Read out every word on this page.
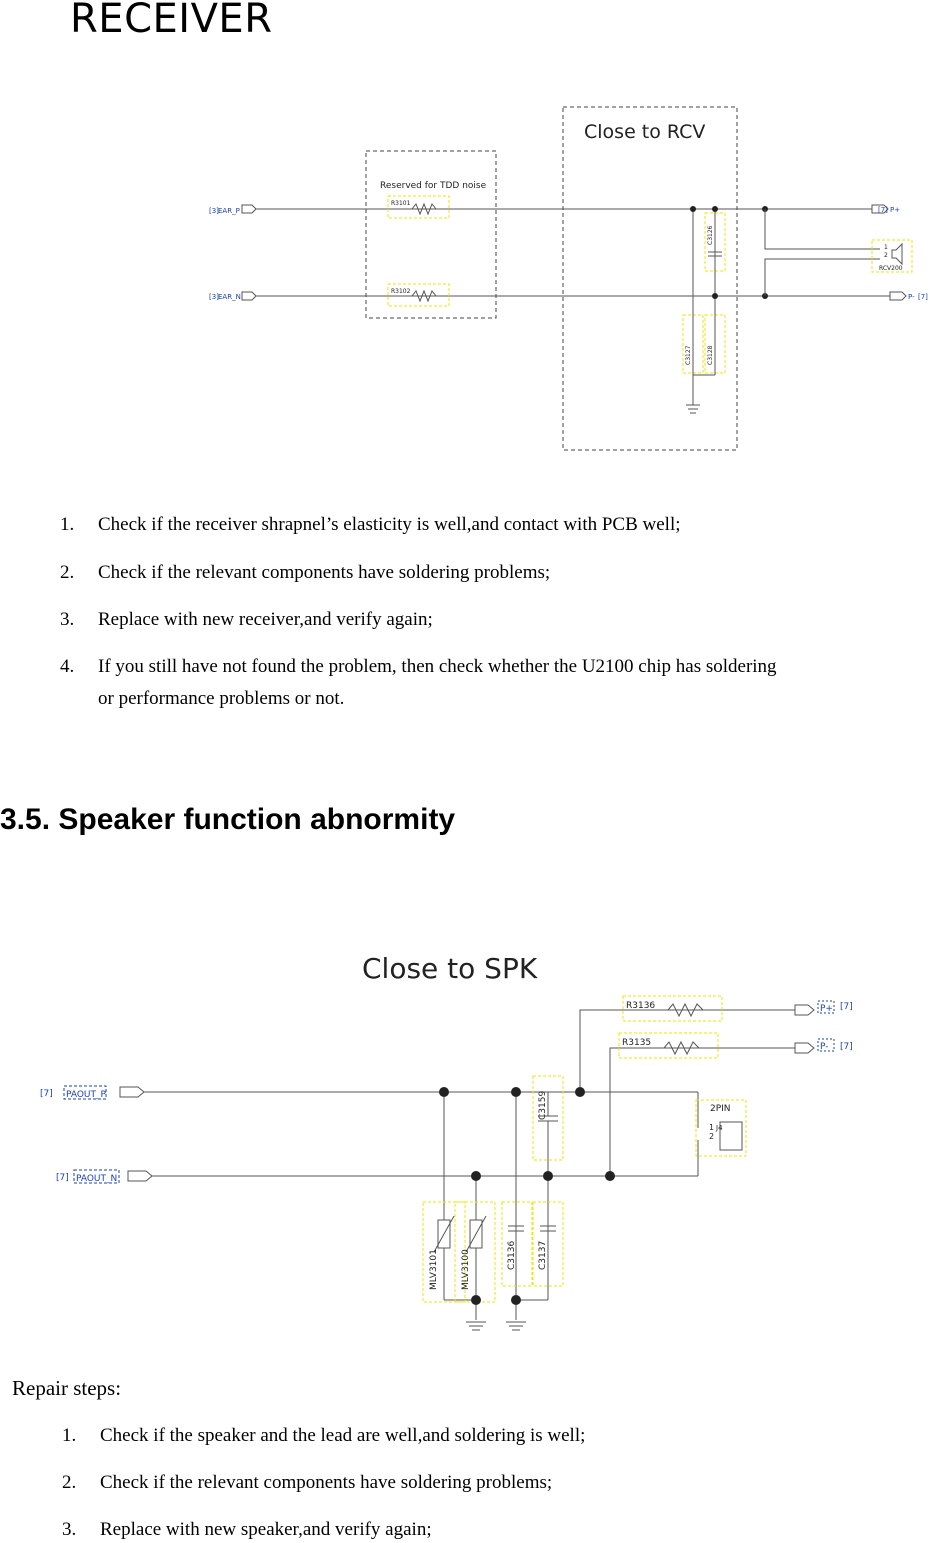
RECEIVER
Close to RCV
Reserved for TDD noise
[3] EAR_P
[3] EAR_N
R3101
R3102
C3126
C3127	C3128
1
2
RCV200
[7] P+
P- [7]
1. Check if the receiver shrapnel’s elasticity is well,and contact with PCB well;
2. Check if the relevant components have soldering problems;
3. Replace with new receiver,and verify again;
4. If you still have not found the problem, then check whether the U2100 chip has soldering
or performance problems or not.
3.5. Speaker function abnormity
Close to SPK
[7] PAOUT_P
[7] PAOUT_N
R3136
R3135
P+ [7]
P- [7]
2PIN
1 J4
2
C3159
MLV3101 MLV3100	C3136 C3137
Repair steps:
1. Check if the speaker and the lead are well,and soldering is well;
2. Check if the relevant components have soldering problems;
3. Replace with new speaker,and verify again;
